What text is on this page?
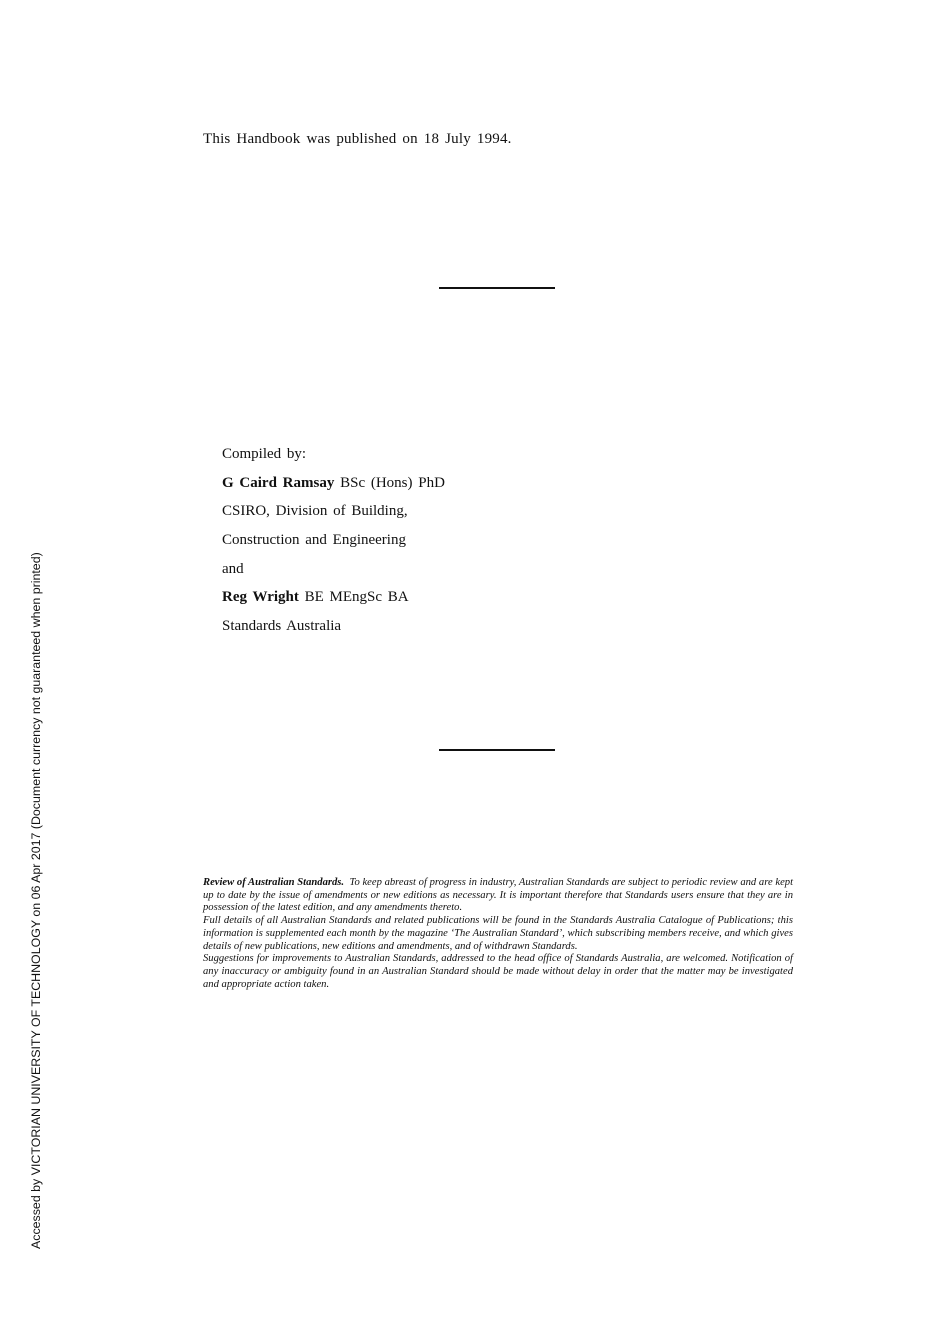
This Handbook was published on 18 July 1994.
Compiled by:
G Caird Ramsay BSc (Hons) PhD
CSIRO, Division of Building,
Construction and Engineering
and
Reg Wright BE MEngSc BA
Standards Australia

Review of Australian Standards. To keep abreast of progress in industry, Australian Standards are subject to periodic review and are kept up to date by the issue of amendments or new editions as necessary. It is important therefore that Standards users ensure that they are in possession of the latest edition, and any amendments thereto.

Full details of all Australian Standards and related publications will be found in the Standards Australia Catalogue of Publications; this information is supplemented each month by the magazine ‘The Australian Standard’, which subscribing members receive, and which gives details of new publications, new editions and amendments, and of withdrawn Standards.

Suggestions for improvements to Australian Standards, addressed to the head office of Standards Australia, are welcomed. Notification of any inaccuracy or ambiguity found in an Australian Standard should be made without delay in order that the matter may be investigated and appropriate action taken.

Accessed by VICTORIAN UNIVERSITY OF TECHNOLOGY on 06 Apr 2017 (Document currency not guaranteed when printed)
